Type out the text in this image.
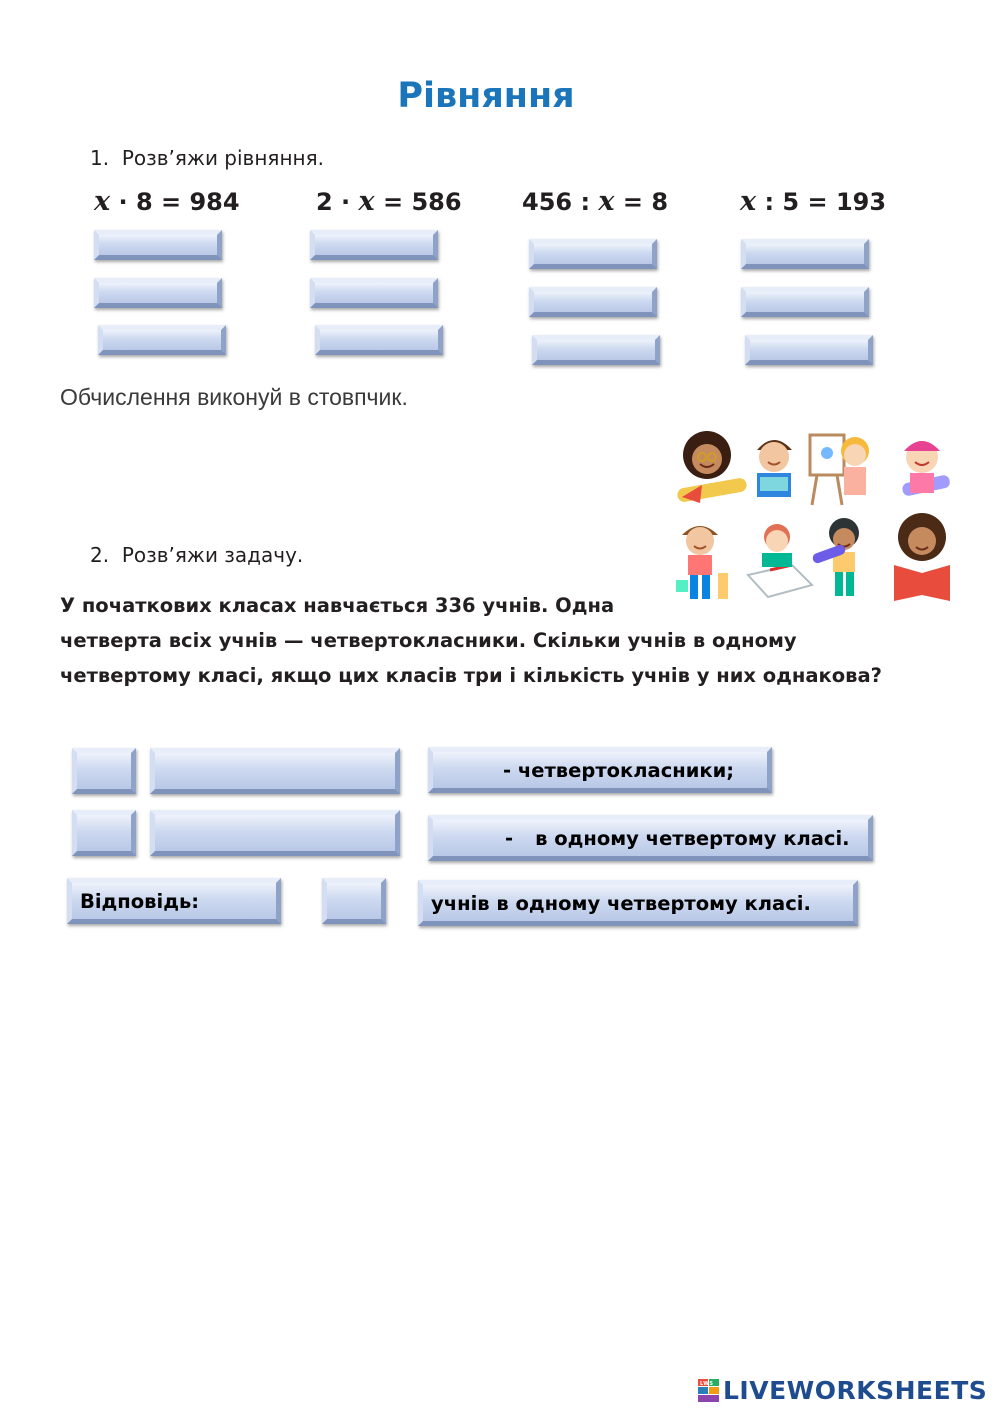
Рівняння
1. Розв’яжи рівняння.
x · 8 = 984	2 · x = 586	456 : x = 8	x : 5 = 193
Обчислення виконуй в стовпчик.
2. Розв’яжи задачу.
У початкових класах навчається 336 учнів. Одна
четверта всіх учнів — четвертокласники. Скільки учнів в одному
четвертому класі, якщо цих класів три і кількість учнів у них однакова?
- четвертокласники;
- в одному четвертому класі.
Відповідь:	учнів в одному четвертому класі.
LWS LIVEWORKSHEETS
